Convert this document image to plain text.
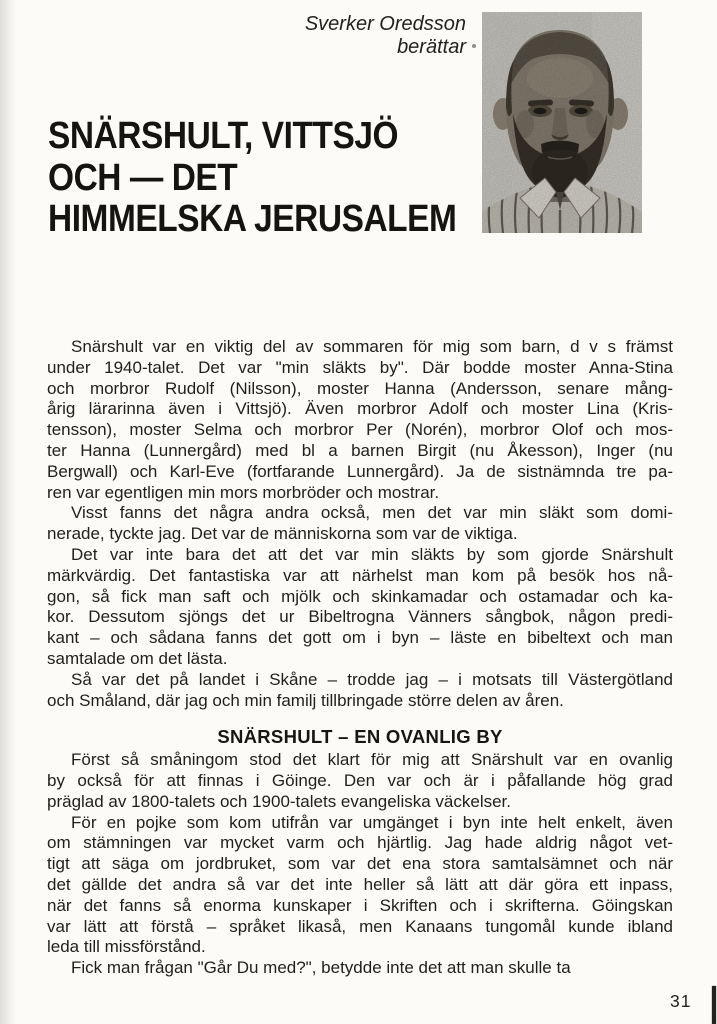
Sverker Oredsson
berättar
SNÄRSHULT, VITTSJÖ
OCH — DET
HIMMELSKA JERUSALEM
Snärshult var en viktig del av sommaren för mig som barn, d v s främst
under 1940-talet. Det var "min släkts by". Där bodde moster Anna-Stina
och morbror Rudolf (Nilsson), moster Hanna (Andersson, senare mång-
årig lärarinna även i Vittsjö). Även morbror Adolf och moster Lina (Kris-
tensson), moster Selma och morbror Per (Norén), morbror Olof och mos-
ter Hanna (Lunnergård) med bl a barnen Birgit (nu Åkesson), Inger (nu
Bergwall) och Karl-Eve (fortfarande Lunnergård). Ja de sistnämnda tre pa-
ren var egentligen min mors morbröder och mostrar.
Visst fanns det några andra också, men det var min släkt som domi-
nerade, tyckte jag. Det var de människorna som var de viktiga.
Det var inte bara det att det var min släkts by som gjorde Snärshult
märkvärdig. Det fantastiska var att närhelst man kom på besök hos nå-
gon, så fick man saft och mjölk och skinkamadar och ostamadar och ka-
kor. Dessutom sjöngs det ur Bibeltrogna Vänners sångbok, någon predi-
kant – och sådana fanns det gott om i byn – läste en bibeltext och man
samtalade om det lästa.
Så var det på landet i Skåne – trodde jag – i motsats till Västergötland
och Småland, där jag och min familj tillbringade större delen av åren.
SNÄRSHULT – EN OVANLIG BY
Först så småningom stod det klart för mig att Snärshult var en ovanlig
by också för att finnas i Göinge. Den var och är i påfallande hög grad
präglad av 1800-talets och 1900-talets evangeliska väckelser.
För en pojke som kom utifrån var umgänget i byn inte helt enkelt, även
om stämningen var mycket varm och hjärtlig. Jag hade aldrig något vet-
tigt att säga om jordbruket, som var det ena stora samtalsämnet och när
det gällde det andra så var det inte heller så lätt att där göra ett inpass,
när det fanns så enorma kunskaper i Skriften och i skrifterna. Göingskan
var lätt att förstå – språket likaså, men Kanaans tungomål kunde ibland
leda till missförstånd.
Fick man frågan "Går Du med?", betydde inte det att man skulle ta
31
